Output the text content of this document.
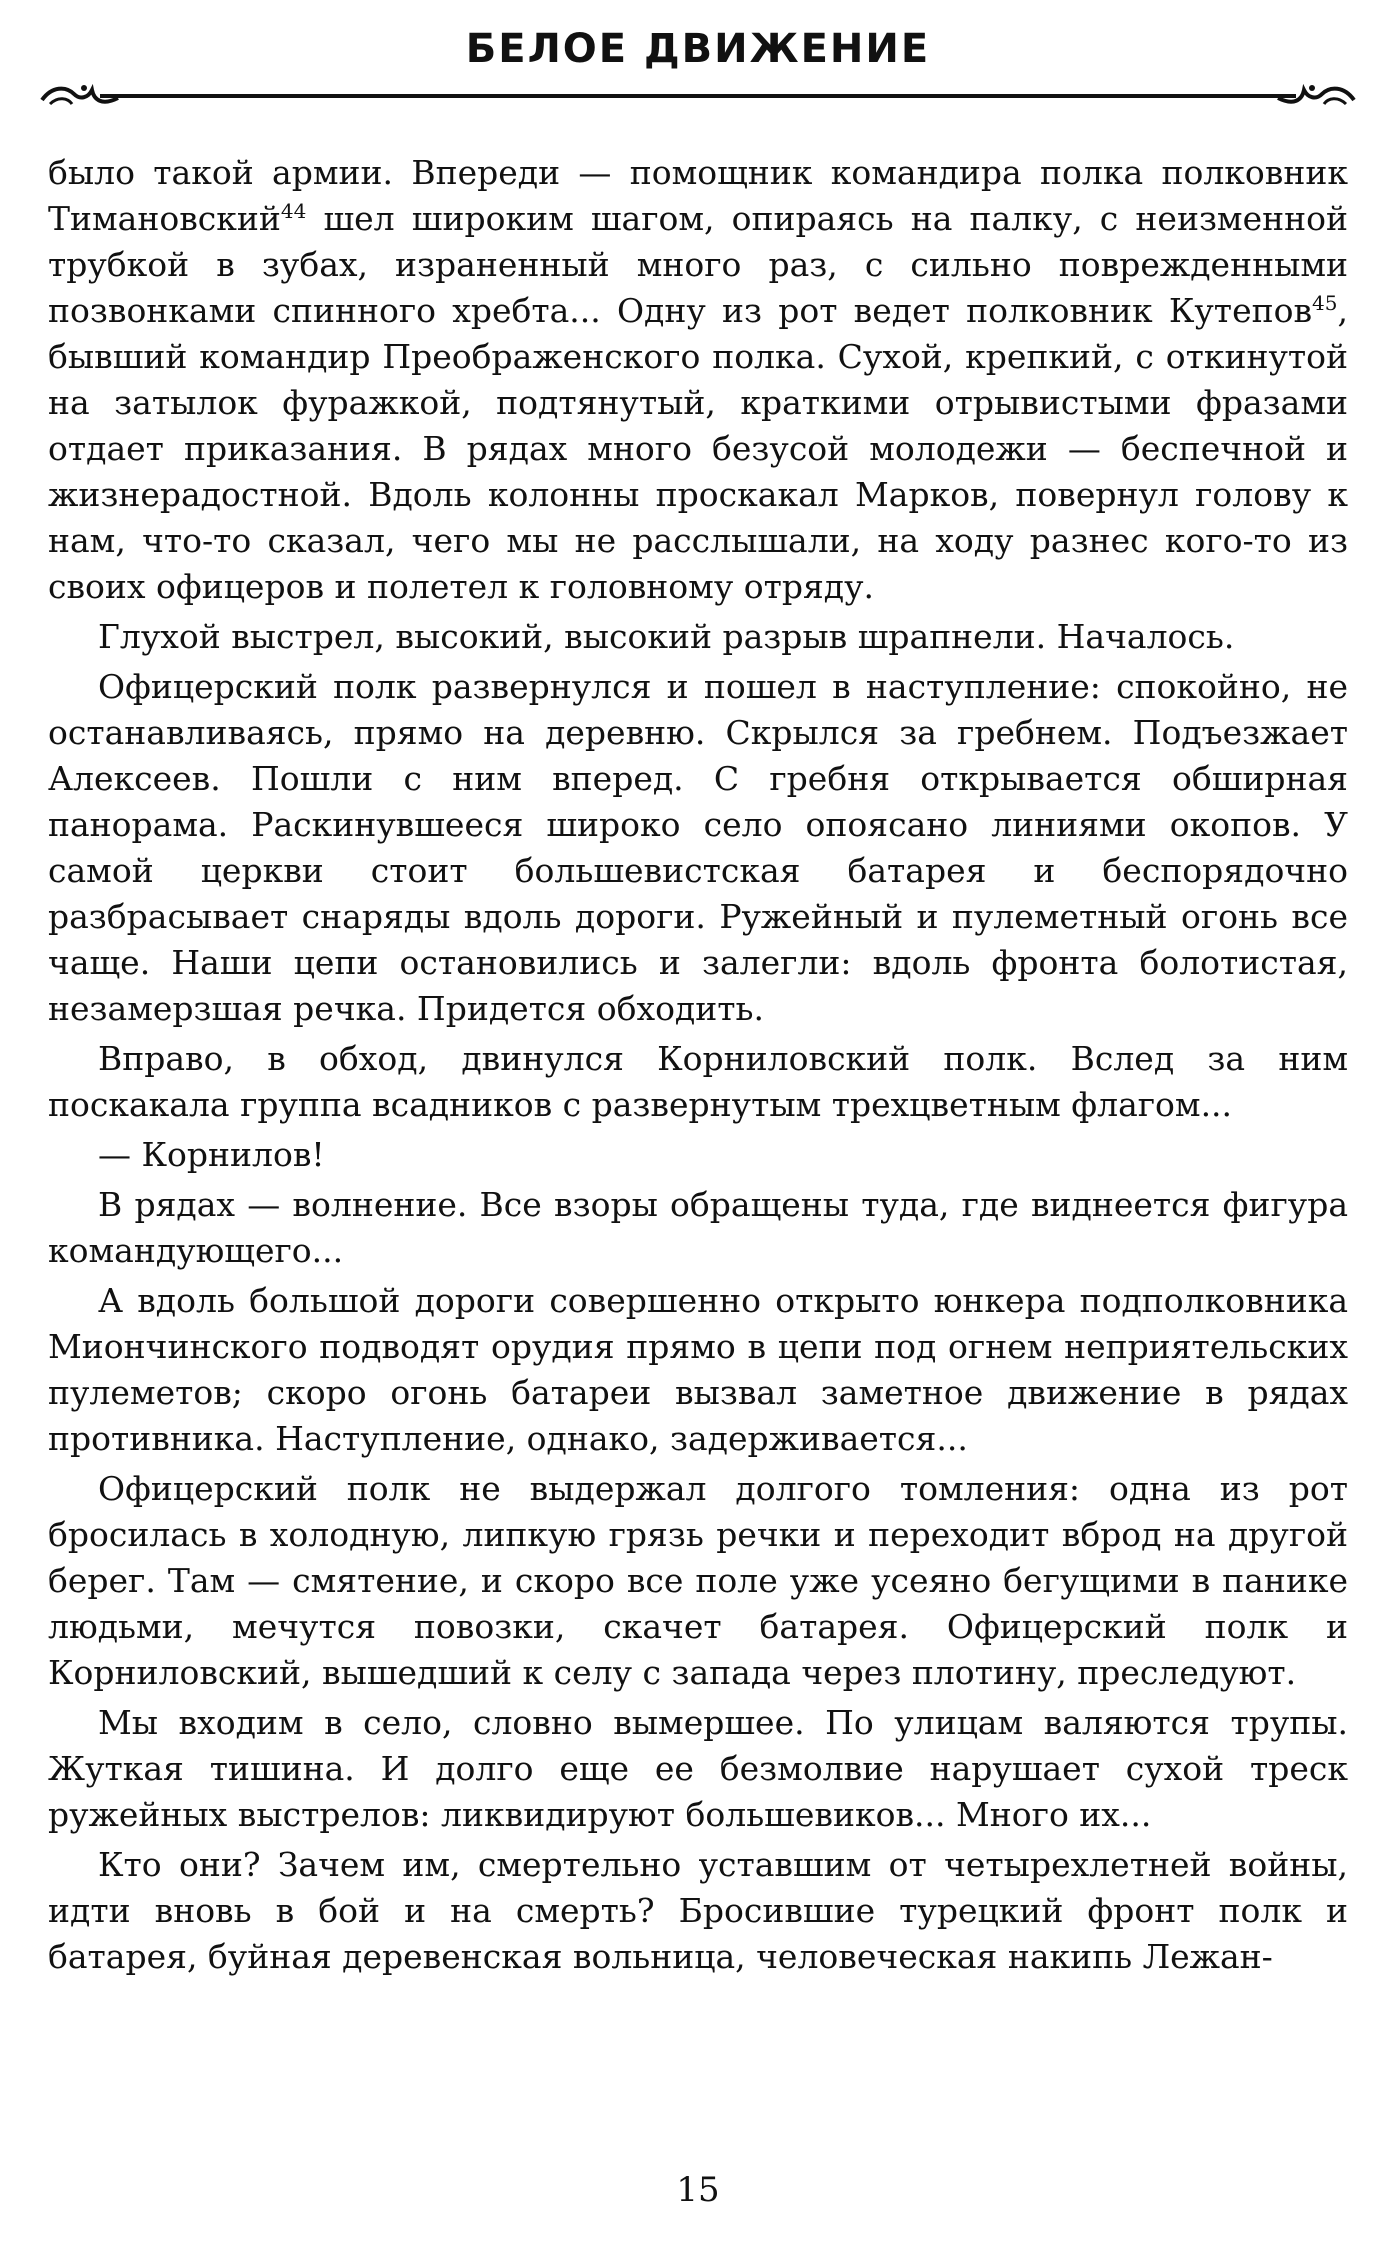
БЕЛОЕ ДВИЖЕНИЕ

было такой армии. Впереди — помощник командира полка полковник Тимановский$^{44}$ шел широким шагом, опираясь на палку, с неизменной трубкой в зубах, израненный много раз, с сильно поврежденными позвонками спинного хребта... Одну из рот ведет полковник Кутепов$^{45}$, бывший командир Преображенского полка. Сухой, крепкий, с откинутой на затылок фуражкой, подтянутый, краткими отрывистыми фразами отдает приказания. В рядах много безусой молодежи — беспечной и жизнерадостной. Вдоль колонны проскакал Марков, повернул голову к нам, что-то сказал, чего мы не расслышали, на ходу разнес кого-то из своих офицеров и полетел к головному отряду.

Глухой выстрел, высокий, высокий разрыв шрапнели. Началось.

Офицерский полк развернулся и пошел в наступление: спокойно, не останавливаясь, прямо на деревню. Скрылся за гребнем. Подъезжает Алексеев. Пошли с ним вперед. С гребня открывается обширная панорама. Раскинувшееся широко село опоясано линиями окопов. У самой церкви стоит большевистская батарея и беспорядочно разбрасывает снаряды вдоль дороги. Ружейный и пулеметный огонь все чаще. Наши цепи остановились и залегли: вдоль фронта болотистая, незамерзшая речка. Придется обходить.

Вправо, в обход, двинулся Корниловский полк. Вслед за ним поскакала группа всадников с развернутым трехцветным флагом...

— Корнилов!

В рядах — волнение. Все взоры обращены туда, где виднеется фигура командующего...

А вдоль большой дороги совершенно открыто юнкера подполковника Миончинского подводят орудия прямо в цепи под огнем неприятельских пулеметов; скоро огонь батареи вызвал заметное движение в рядах противника. Наступление, однако, задерживается...

Офицерский полк не выдержал долгого томления: одна из рот бросилась в холодную, липкую грязь речки и переходит вброд на другой берег. Там — смятение, и скоро все поле уже усеяно бегущими в панике людьми, мечутся повозки, скачет батарея. Офицерский полк и Корниловский, вышедший к селу с запада через плотину, преследуют.

Мы входим в село, словно вымершее. По улицам валяются трупы. Жуткая тишина. И долго еще ее безмолвие нарушает сухой треск ружейных выстрелов: ликвидируют большевиков... Много их...

Кто они? Зачем им, смертельно уставшим от четырехлетней войны, идти вновь в бой и на смерть? Бросившие турецкий фронт полк и батарея, буйная деревенская вольница, человеческая накипь Лежан-

15
